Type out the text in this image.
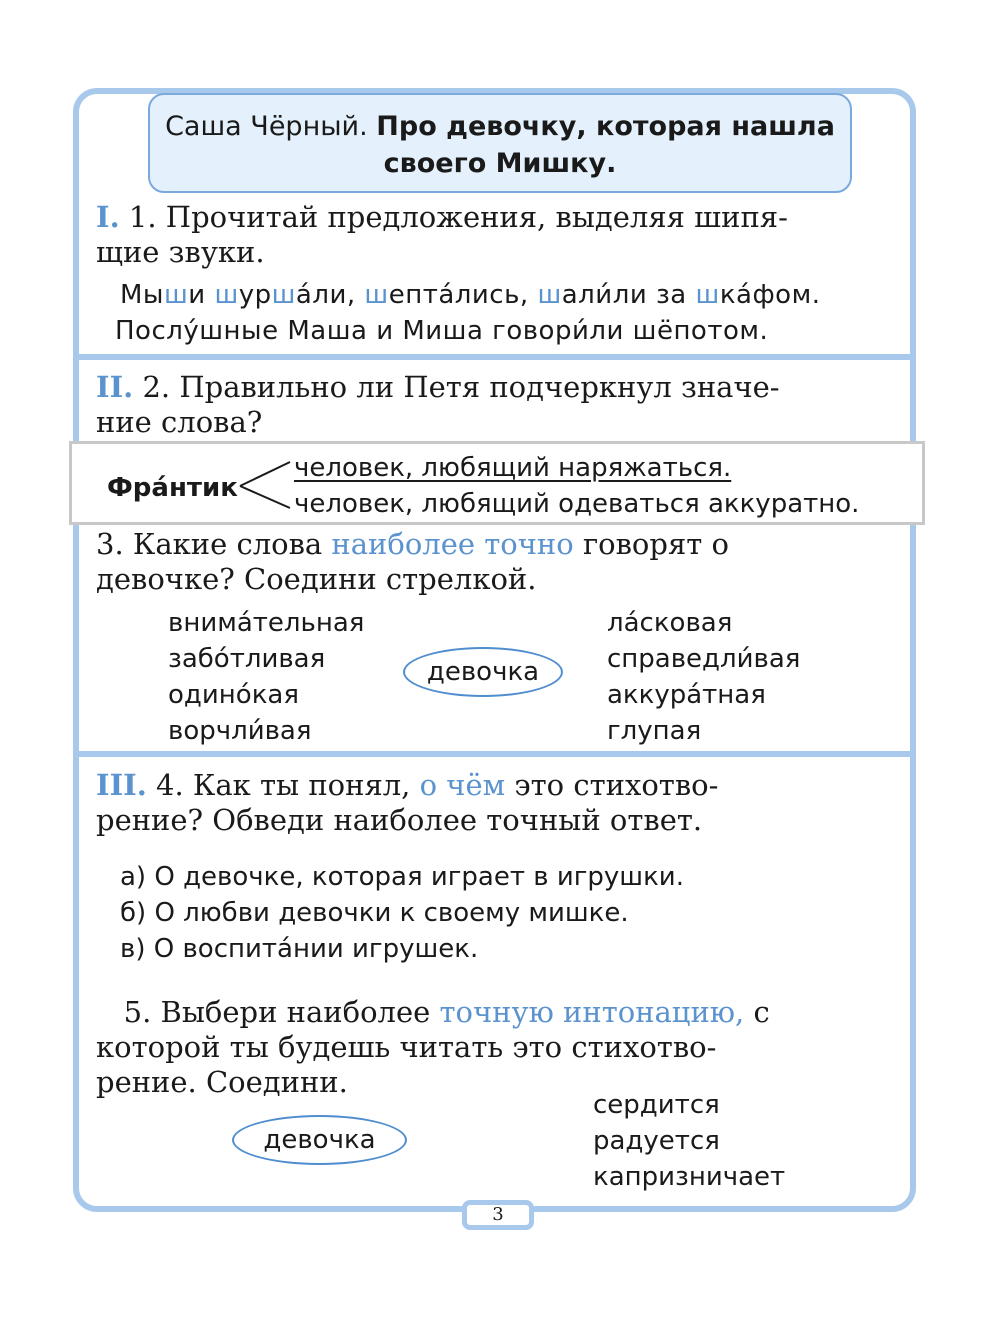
Саша Чёрный. Про девочку, которая нашла
своего Мишку.
I. 1. Прочитай предложения, выделяя шипя-
щие звуки.
Мыши шурша́ли, шепта́лись, шали́ли за шка́фом.
Послу́шные Маша и Миша говори́ли шёпотом.
II. 2. Правильно ли Петя подчеркнул значе-
ние слова?
Фра́нтик
человек, любящий наряжаться.
человек, любящий одеваться аккуратно.
3. Какие слова наиболее точно говорят о
девочке? Соедини стрелкой.
внима́тельная
забо́тливая
одино́кая
ворчли́вая
девочка
ла́сковая
справедли́вая
аккура́тная
глупая
III. 4. Как ты понял, о чём это стихотво-
рение? Обведи наиболее точный ответ.
а) О девочке, которая играет в игрушки.
б) О любви девочки к своему мишке.
в) О воспита́нии игрушек.
5. Выбери наиболее точную интонацию, с
которой ты будешь читать это стихотво-
рение. Соедини.
девочка
сердится
радуется
капризничает
3
